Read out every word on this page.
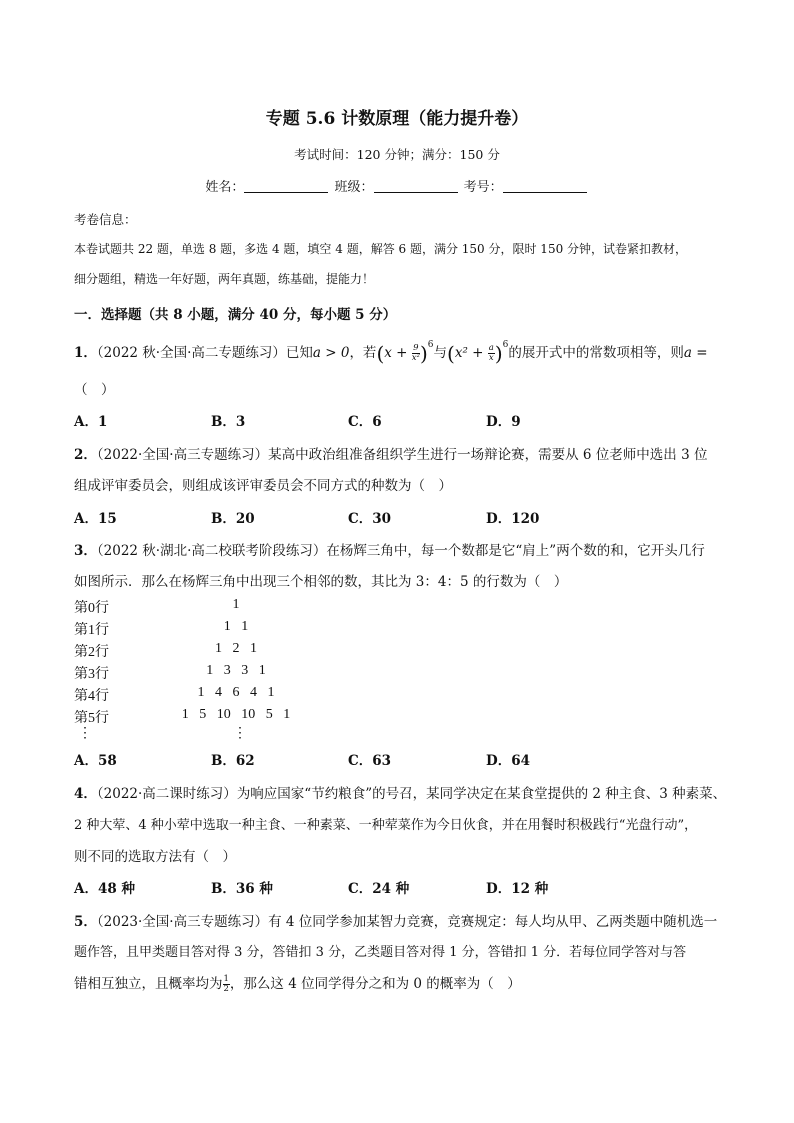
专题 5.6 计数原理（能力提升卷）
考试时间：120 分钟；满分：150 分
姓名：	班级：	考号：
考卷信息：
本卷试题共 22 题，单选 8 题，多选 4 题，填空 4 题，解答 6 题，满分 150 分，限时 150 分钟，试卷紧扣教材，
细分题组，精选一年好题，两年真题，练基础，提能力！
一．选择题（共 8 小题，满分 40 分，每小题 5 分）
1．（2022 秋·全国·高二专题练习）已知a > 0，若$(x + \frac{9}{\text{x²}} )^6$与$(x^2 + \frac{a}{x} )^6$的展开式中的常数项相等，则a =
（　）
A．1	B．3	C．6	D．9
2．（2022·全国·高三专题练习）某高中政治组准备组织学生进行一场辩论赛，需要从 6 位老师中选出 3 位
组成评审委员会，则组成该评审委员会不同方式的种数为（　）
A．15	B．20	C．30	D．120
3．（2022 秋·湖北·高二校联考阶段练习）在杨辉三角中，每一个数都是它“肩上”两个数的和，它开头几行
如图所示．那么在杨辉三角中出现三个相邻的数，其比为 3：4：5 的行数为（　）
第0行	1
第1行	1   1
第2行	1   2   1
第3行	1   3   3   1
第4行	1   4   6   4   1
第5行	1   5   10   10   5   1
⋮	⋮
A．58	B．62	C．63	D．64
4．（2022·高二课时练习）为响应国家“节约粮食”的号召，某同学决定在某食堂提供的 2 种主食、3 种素菜、
2 种大荤、4 种小荤中选取一种主食、一种素菜、一种荤菜作为今日伙食，并在用餐时积极践行“光盘行动”，
则不同的选取方法有（　）
A．48 种	B．36 种	C．24 种	D．12 种
5．（2023·全国·高三专题练习）有 4 位同学参加某智力竞赛，竞赛规定：每人均从甲、乙两类题中随机选一
题作答，且甲类题目答对得 3 分，答错扣 3 分，乙类题目答对得 1 分，答错扣 1 分．若每位同学答对与答
错相互独立，且概率均为 $\frac{1}{2}$ ，那么这 4 位同学得分之和为 0 的概率为（　）
